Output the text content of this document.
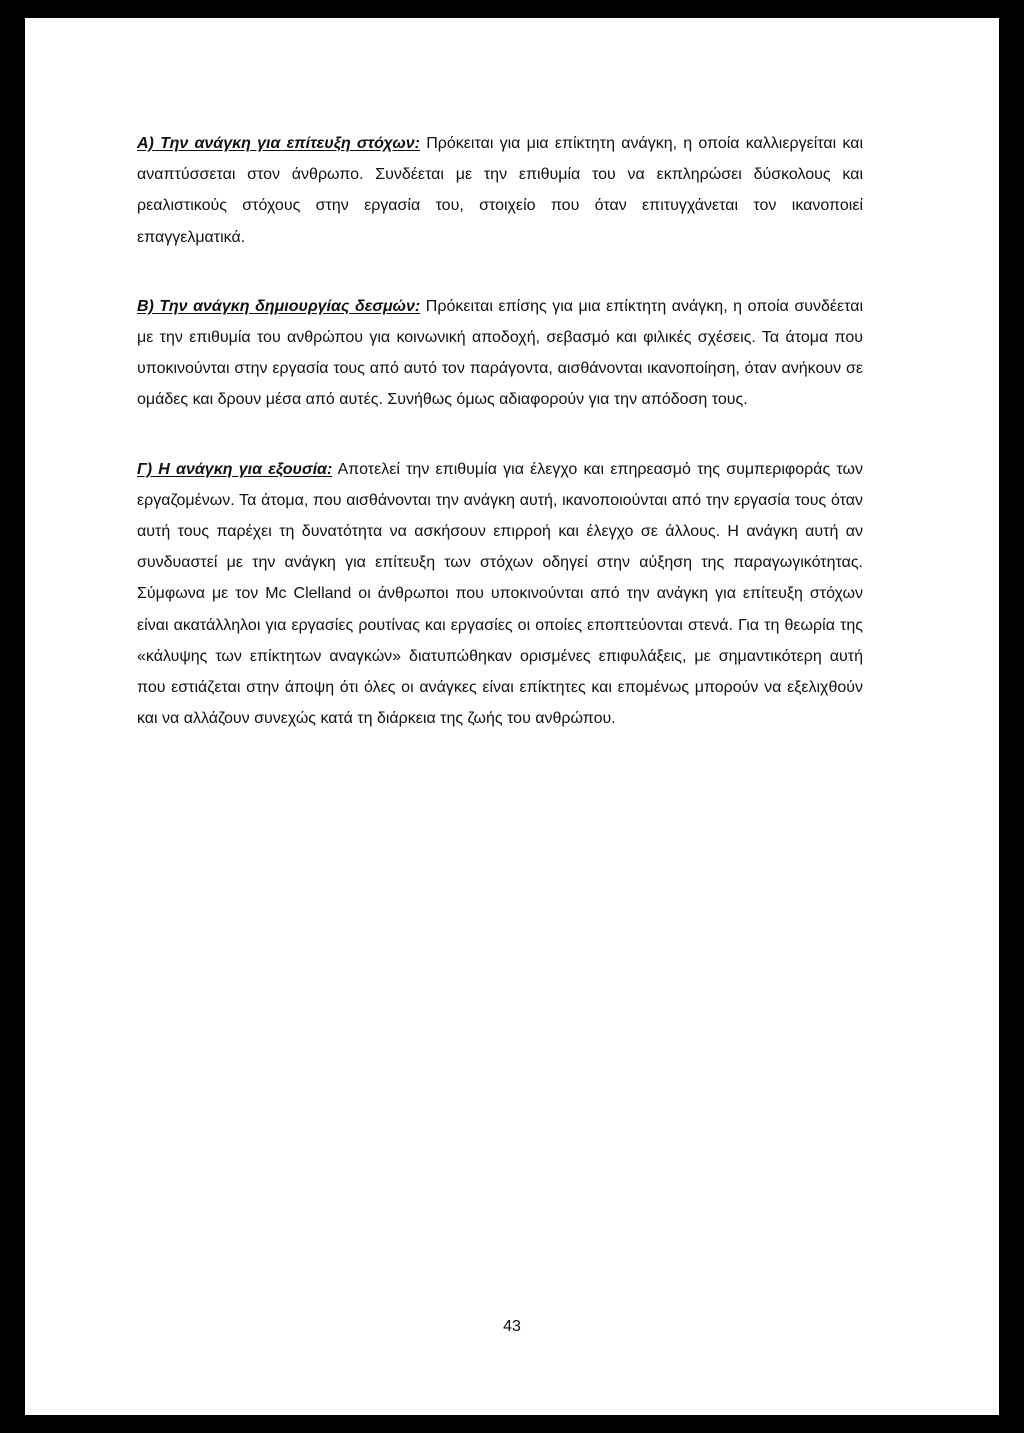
Α) Την ανάγκη για επίτευξη στόχων: Πρόκειται για μια επίκτητη ανάγκη, η οποία καλλιεργείται και αναπτύσσεται στον άνθρωπο. Συνδέεται με την επιθυμία του να εκπληρώσει δύσκολους και ρεαλιστικούς στόχους στην εργασία του, στοιχείο που όταν επιτυγχάνεται τον ικανοποιεί επαγγελματικά.

Β) Την ανάγκη δημιουργίας δεσμών: Πρόκειται επίσης για μια επίκτητη ανάγκη, η οποία συνδέεται με την επιθυμία του ανθρώπου για κοινωνική αποδοχή, σεβασμό και φιλικές σχέσεις. Τα άτομα που υποκινούνται στην εργασία τους από αυτό τον παράγοντα, αισθάνονται ικανοποίηση, όταν ανήκουν σε ομάδες και δρουν μέσα από αυτές. Συνήθως όμως αδιαφορούν για την απόδοση τους.

Γ) Η ανάγκη για εξουσία: Αποτελεί την επιθυμία για έλεγχο και επηρεασμό της συμπεριφοράς των εργαζομένων. Τα άτομα, που αισθάνονται την ανάγκη αυτή, ικανοποιούνται από την εργασία τους όταν αυτή τους παρέχει τη δυνατότητα να ασκήσουν επιρροή και έλεγχο σε άλλους. Η ανάγκη αυτή αν συνδυαστεί με την ανάγκη για επίτευξη των στόχων οδηγεί στην αύξηση της παραγωγικότητας. Σύμφωνα με τον Mc Clelland οι άνθρωποι που υποκινούνται από την ανάγκη για επίτευξη στόχων είναι ακατάλληλοι για εργασίες ρουτίνας και εργασίες οι οποίες εποπτεύονται στενά. Για τη θεωρία της «κάλυψης των επίκτητων αναγκών» διατυπώθηκαν ορισμένες επιφυλάξεις, με σημαντικότερη αυτή που εστιάζεται στην άποψη ότι όλες οι ανάγκες είναι επίκτητες και επομένως μπορούν να εξελιχθούν και να αλλάζουν συνεχώς κατά τη διάρκεια της ζωής του ανθρώπου.

43
